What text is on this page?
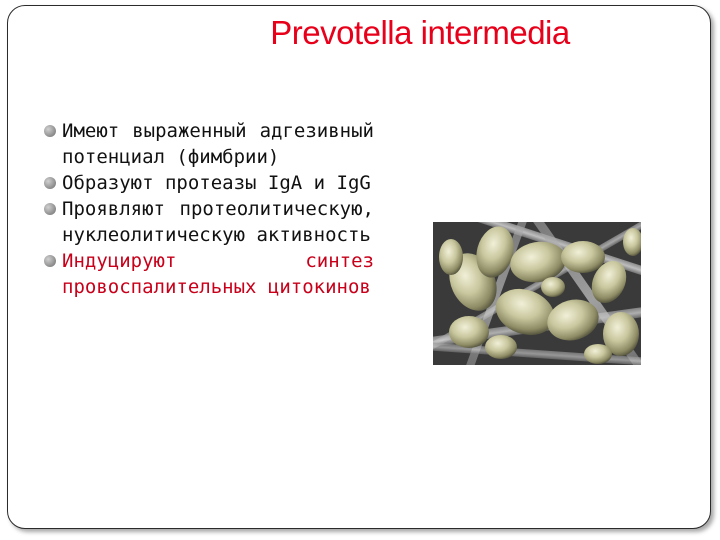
Prevotella intermedia
Имеют выраженный адгезивный потенциал (фимбрии)
Образуют протеазы IgA и IgG
Проявляют протеолитическую, нуклеолитическую активность
Индуцируют синтез провоспалительных цитокинов
